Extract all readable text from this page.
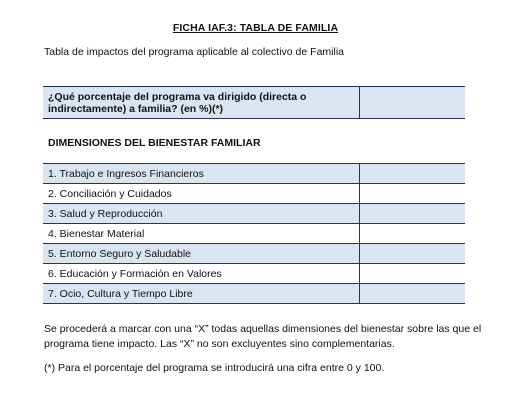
FICHA IAF.3: TABLA DE FAMILIA
Tabla de impactos del programa aplicable al colectivo de Familia
¿Qué porcentaje del programa va dirigido (directa o indirectamente) a familia? (en %)(*)	
DIMENSIONES DEL BIENESTAR FAMILIAR	
1. Trabajo e Ingresos Financieros	
2. Conciliación y Cuidados	
3. Salud y Reproducción	
4. Bienestar Material	
5. Entorno Seguro y Saludable	
6. Educación y Formación en Valores	
7. Ocio, Cultura y Tiempo Libre	
Se procederá a marcar con una “X” todas aquellas dimensiones del bienestar sobre las que el programa tiene impacto. Las “X” no son excluyentes sino complementarias.
(*) Para el porcentaje del programa se introducirá una cifra entre 0 y 100.
